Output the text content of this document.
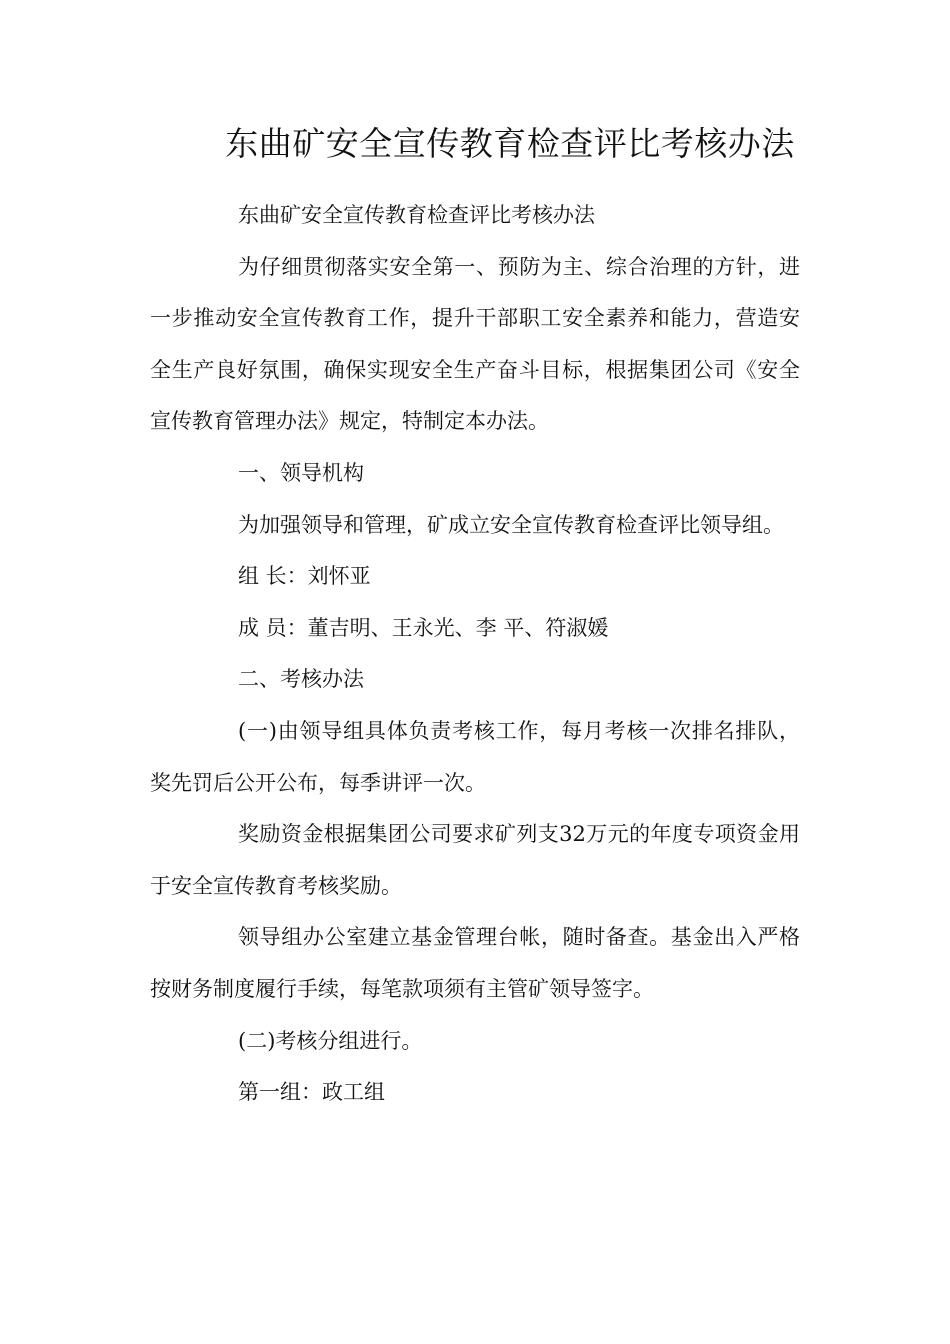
东曲矿安全宣传教育检查评比考核办法

东曲矿安全宣传教育检查评比考核办法

为仔细贯彻落实安全第一、预防为主、综合治理的方针，进一步推动安全宣传教育工作，提升干部职工安全素养和能力，营造安全生产良好氛围，确保实现安全生产奋斗目标，根据集团公司《安全宣传教育管理办法》规定，特制定本办法。

一、领导机构

为加强领导和管理，矿成立安全宣传教育检查评比领导组。

组 长：刘怀亚

成 员：董吉明、王永光、李 平、符淑媛

二、考核办法

(一)由领导组具体负责考核工作，每月考核一次排名排队，奖先罚后公开公布，每季讲评一次。

奖励资金根据集团公司要求矿列支32万元的年度专项资金用于安全宣传教育考核奖励。

领导组办公室建立基金管理台帐，随时备查。基金出入严格按财务制度履行手续，每笔款项须有主管矿领导签字。

(二)考核分组进行。

第一组：政工组
